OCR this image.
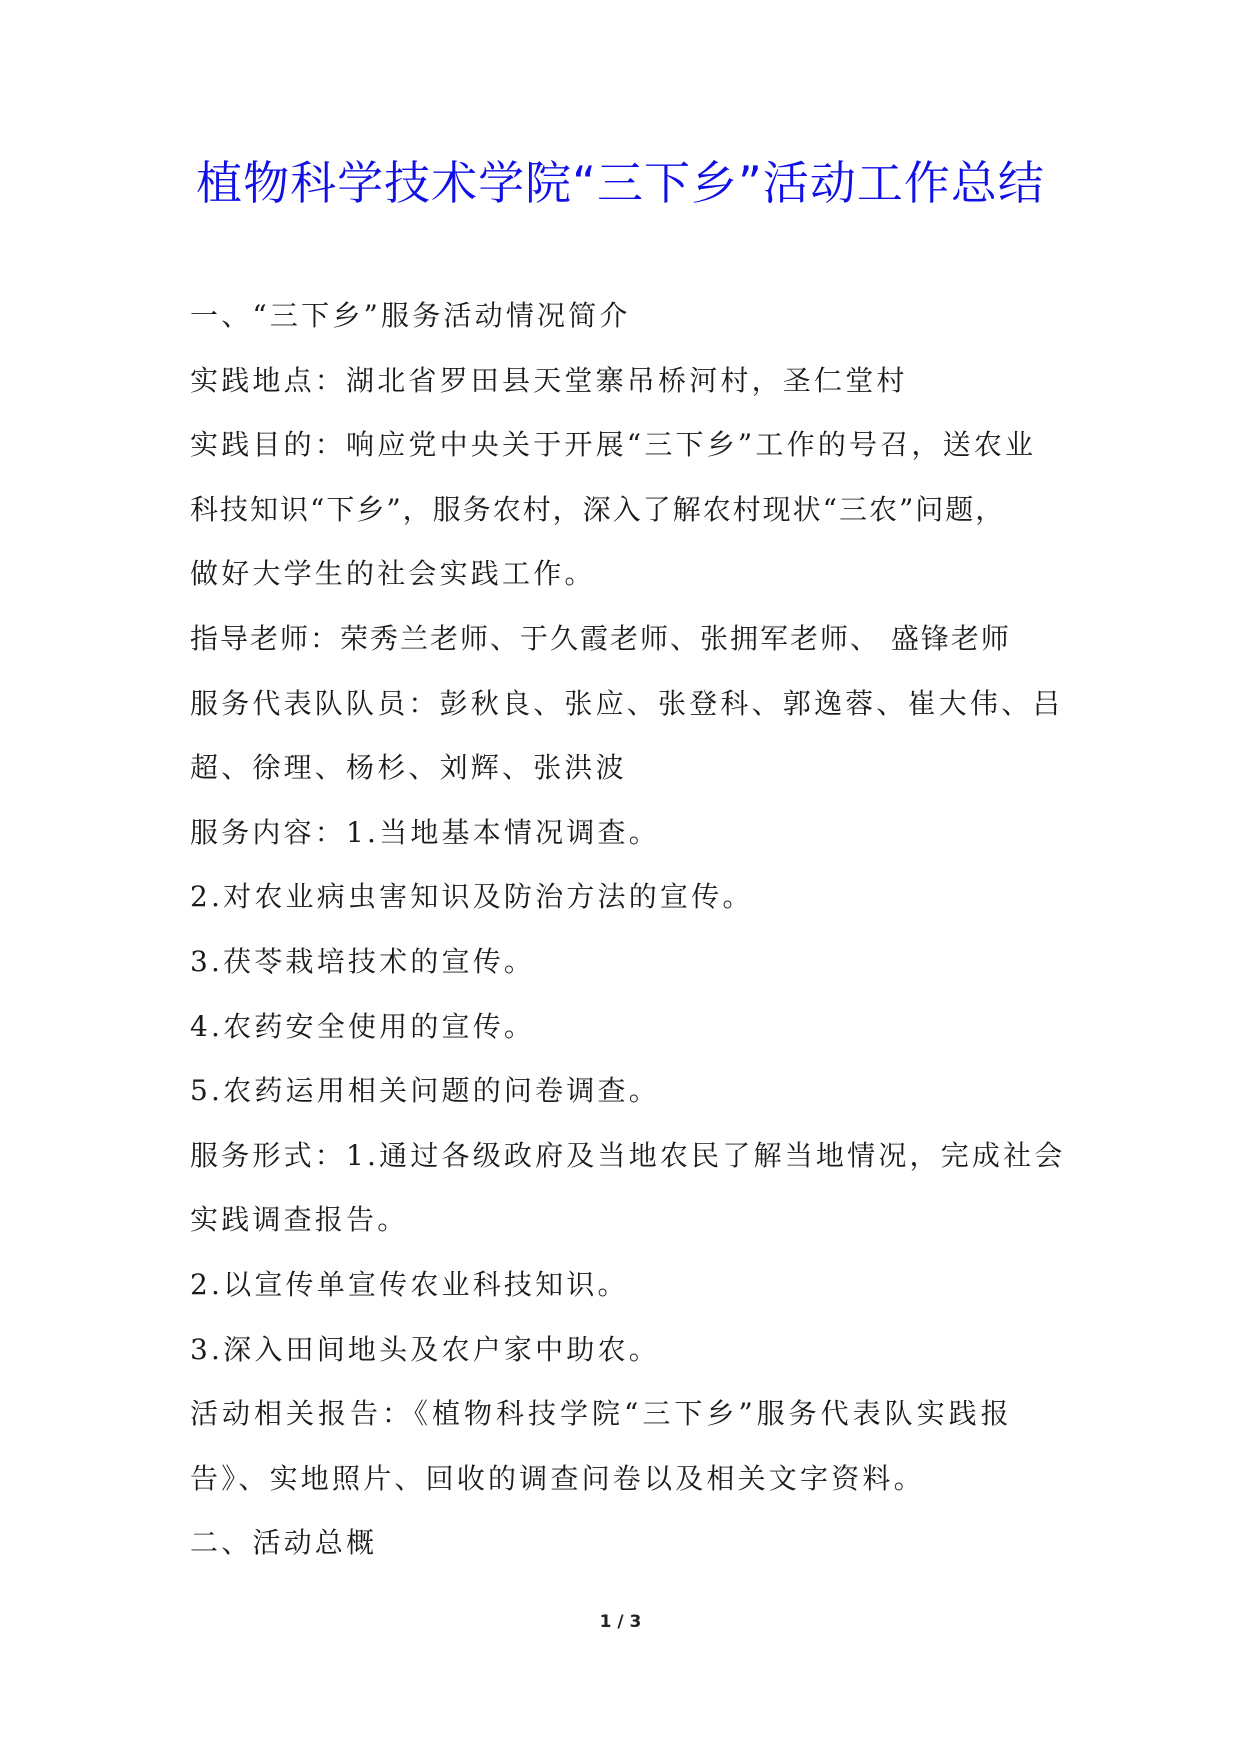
植物科学技术学院“三下乡”活动工作总结
一、“三下乡”服务活动情况简介
实践地点：湖北省罗田县天堂寨吊桥河村，圣仁堂村
实践目的：响应党中央关于开展“三下乡”工作的号召，送农业
科技知识“下乡”，服务农村，深入了解农村现状“三农”问题，
做好大学生的社会实践工作。
指导老师：荣秀兰老师、于久霞老师、张拥军老师、 盛锋老师
服务代表队队员：彭秋良、张应、张登科、郭逸蓉、崔大伟、吕
超、徐理、杨杉、刘辉、张洪波
服务内容：1.当地基本情况调查。
2.对农业病虫害知识及防治方法的宣传。
3.茯苓栽培技术的宣传。
4.农药安全使用的宣传。
5.农药运用相关问题的问卷调查。
服务形式：1.通过各级政府及当地农民了解当地情况，完成社会
实践调查报告。
2.以宣传单宣传农业科技知识。
3.深入田间地头及农户家中助农。
活动相关报告：《植物科技学院“三下乡”服务代表队实践报
告》、实地照片、回收的调查问卷以及相关文字资料。
二、活动总概
1 / 3
